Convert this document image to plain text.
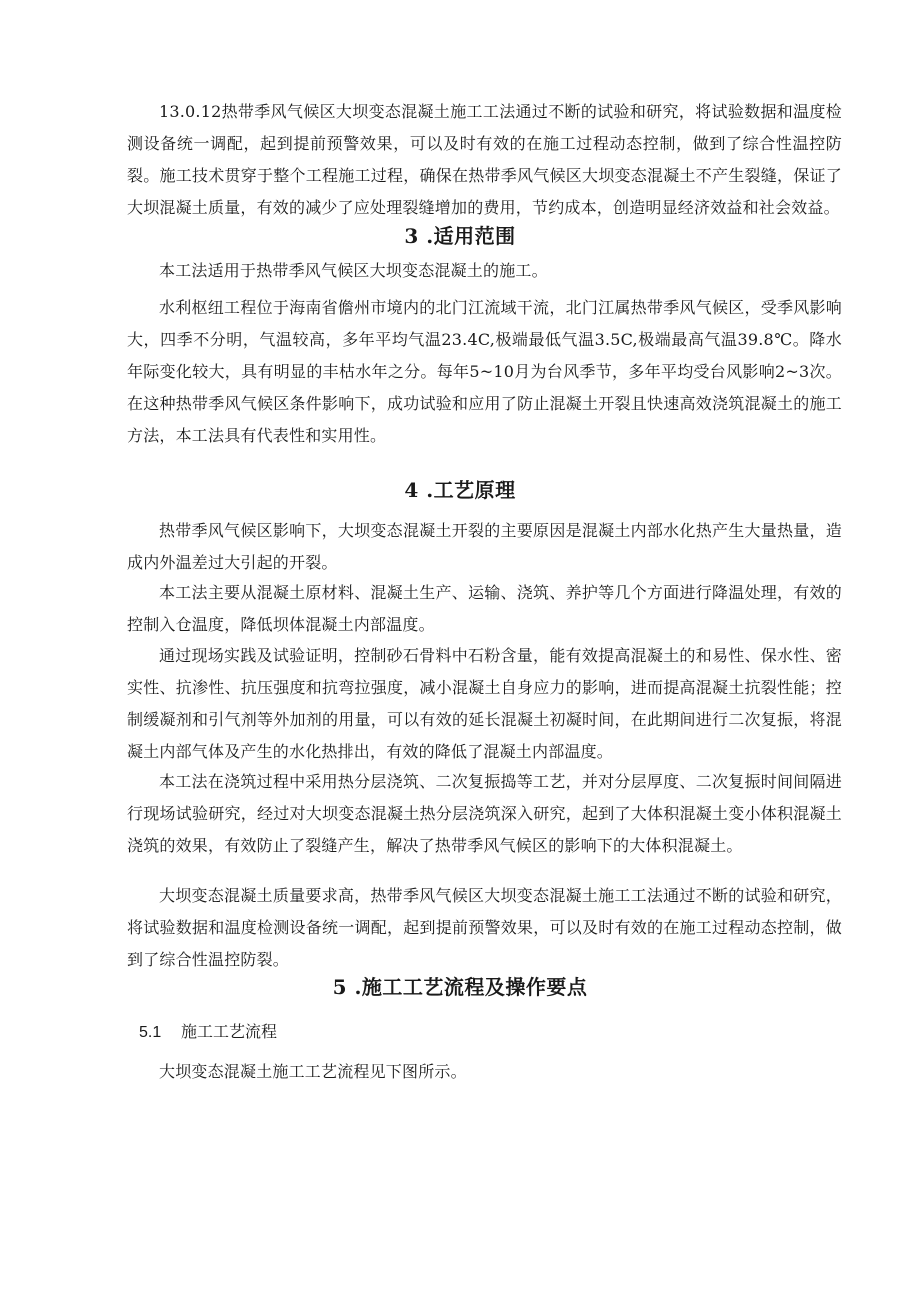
13.0.12热带季风气候区大坝变态混凝土施工工法通过不断的试验和研究，将试验数据和温度检测设备统一调配，起到提前预警效果，可以及时有效的在施工过程动态控制，做到了综合性温控防裂。施工技术贯穿于整个工程施工过程，确保在热带季风气候区大坝变态混凝土不产生裂缝，保证了大坝混凝土质量，有效的减少了应处理裂缝增加的费用，节约成本，创造明显经济效益和社会效益。

3 .适用范围

本工法适用于热带季风气候区大坝变态混凝土的施工。

水利枢纽工程位于海南省儋州市境内的北门江流域干流，北门江属热带季风气候区，受季风影响大，四季不分明，气温较高，多年平均气温23.4C,极端最低气温3.5C,极端最高气温39.8℃。降水年际变化较大，具有明显的丰枯水年之分。每年5~10月为台风季节，多年平均受台风影响2~3次。在这种热带季风气候区条件影响下，成功试验和应用了防止混凝土开裂且快速高效浇筑混凝土的施工方法，本工法具有代表性和实用性。

4 .工艺原理

热带季风气候区影响下，大坝变态混凝土开裂的主要原因是混凝土内部水化热产生大量热量，造成内外温差过大引起的开裂。

本工法主要从混凝土原材料、混凝土生产、运输、浇筑、养护等几个方面进行降温处理，有效的控制入仓温度，降低坝体混凝土内部温度。

通过现场实践及试验证明，控制砂石骨料中石粉含量，能有效提高混凝土的和易性、保水性、密实性、抗渗性、抗压强度和抗弯拉强度，减小混凝土自身应力的影响，进而提高混凝土抗裂性能；控制缓凝剂和引气剂等外加剂的用量，可以有效的延长混凝土初凝时间，在此期间进行二次复振，将混凝土内部气体及产生的水化热排出，有效的降低了混凝土内部温度。

本工法在浇筑过程中采用热分层浇筑、二次复振捣等工艺，并对分层厚度、二次复振时间间隔进行现场试验研究，经过对大坝变态混凝土热分层浇筑深入研究，起到了大体积混凝土变小体积混凝土浇筑的效果，有效防止了裂缝产生，解决了热带季风气候区的影响下的大体积混凝土。

大坝变态混凝土质量要求高，热带季风气候区大坝变态混凝土施工工法通过不断的试验和研究，将试验数据和温度检测设备统一调配，起到提前预警效果，可以及时有效的在施工过程动态控制，做到了综合性温控防裂。

5 .施工工艺流程及操作要点

5.1 施工工艺流程

大坝变态混凝土施工工艺流程见下图所示。
